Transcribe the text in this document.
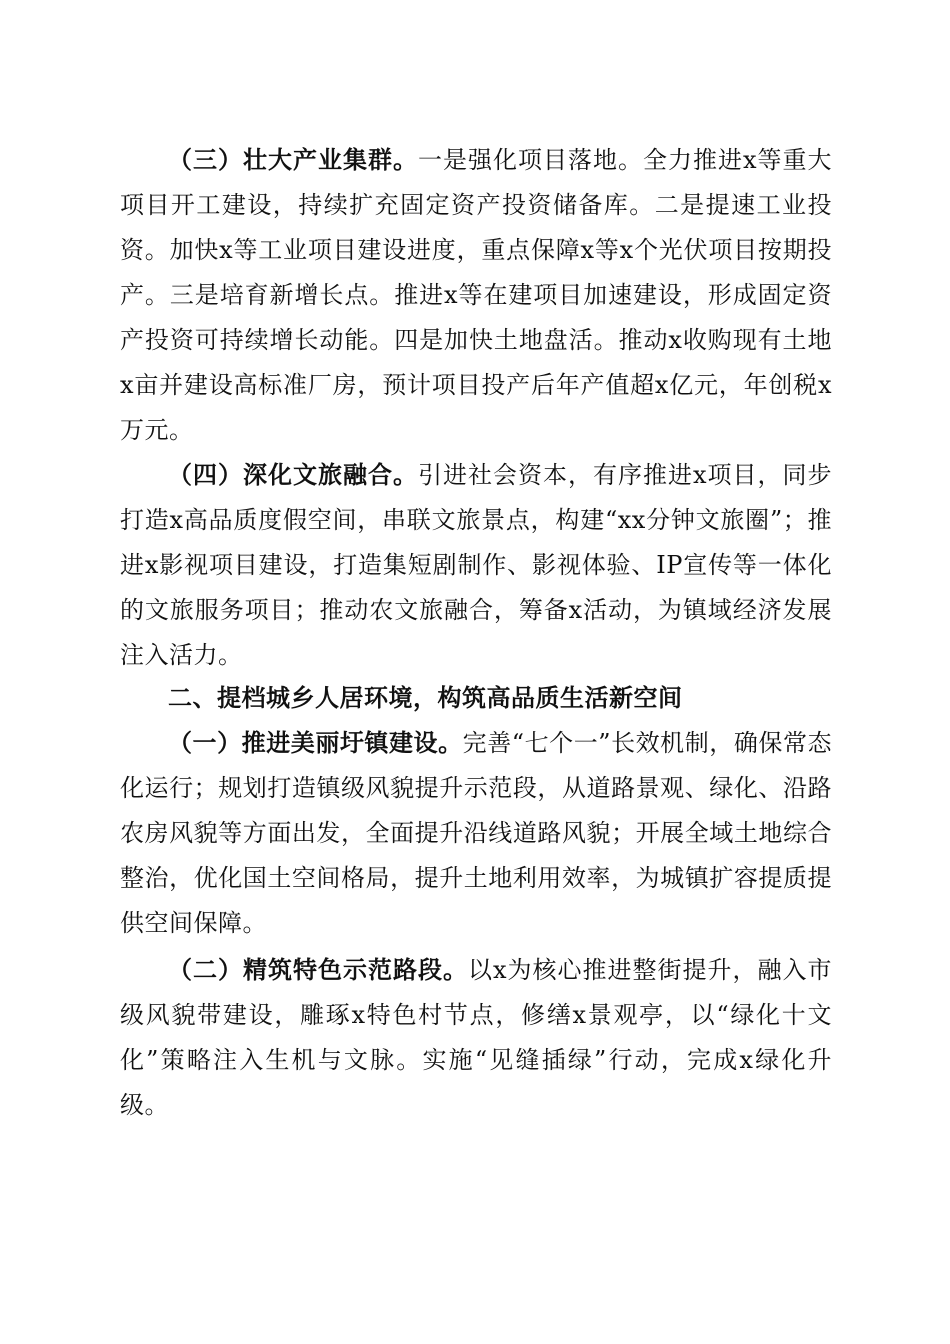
（三）壮大产业集群。一是强化项目落地。全力推进x等重大项目开工建设，持续扩充固定资产投资储备库。二是提速工业投资。加快x等工业项目建设进度，重点保障x等x个光伏项目按期投产。三是培育新增长点。推进x等在建项目加速建设，形成固定资产投资可持续增长动能。四是加快土地盘活。推动x收购现有土地x亩并建设高标准厂房，预计项目投产后年产值超x亿元，年创税x万元。

（四）深化文旅融合。引进社会资本，有序推进x项目，同步打造x高品质度假空间，串联文旅景点，构建“xx分钟文旅圈”；推进x影视项目建设，打造集短剧制作、影视体验、IP宣传等一体化的文旅服务项目；推动农文旅融合，筹备x活动，为镇域经济发展注入活力。

二、提档城乡人居环境，构筑高品质生活新空间

（一）推进美丽圩镇建设。完善“七个一”长效机制，确保常态化运行；规划打造镇级风貌提升示范段，从道路景观、绿化、沿路农房风貌等方面出发，全面提升沿线道路风貌；开展全域土地综合整治，优化国土空间格局，提升土地利用效率，为城镇扩容提质提供空间保障。

（二）精筑特色示范路段。以x为核心推进整街提升，融入市级风貌带建设，雕琢x特色村节点，修缮x景观亭，以“绿化十文化”策略注入生机与文脉。实施“见缝插绿”行动，完成x绿化升级。
